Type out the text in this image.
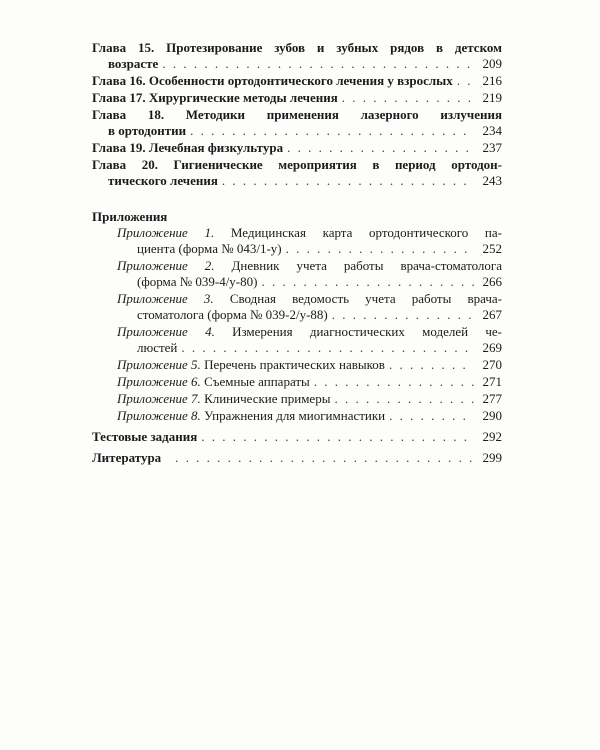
Глава 15. Протезирование зубов и зубных рядов в детском
возрасте . . .	209
Глава 16. Особенности ортодонтического лечения у взрослых . . . 216
Глава 17. Хирургические методы лечения . . .	219
Глава 18. Методики применения лазерного излучения
в ортодонтии . . .	234
Глава 19. Лечебная физкультура . . .	237
Глава 20. Гигиенические мероприятия в период ортодон-
тического лечения . . .	243
Приложения
Приложение 1. Медицинская карта ортодонтического па-
циента (форма № 043/1-у) . . .	252
Приложение 2. Дневник учета работы врача-стоматолога
(форма № 039-4/у-80) . . .	266
Приложение 3. Сводная ведомость учета работы врача-
стоматолога (форма № 039-2/у-88) . . .	267
Приложение 4. Измерения диагностических моделей че-
люстей . . .	269
Приложение 5. Перечень практических навыков . . .	270
Приложение 6. Съемные аппараты . . .	271
Приложение 7. Клинические примеры . . .	277
Приложение 8. Упражнения для миогимнастики . . .	290
Тестовые задания . . .	292
Литература . . .	299
